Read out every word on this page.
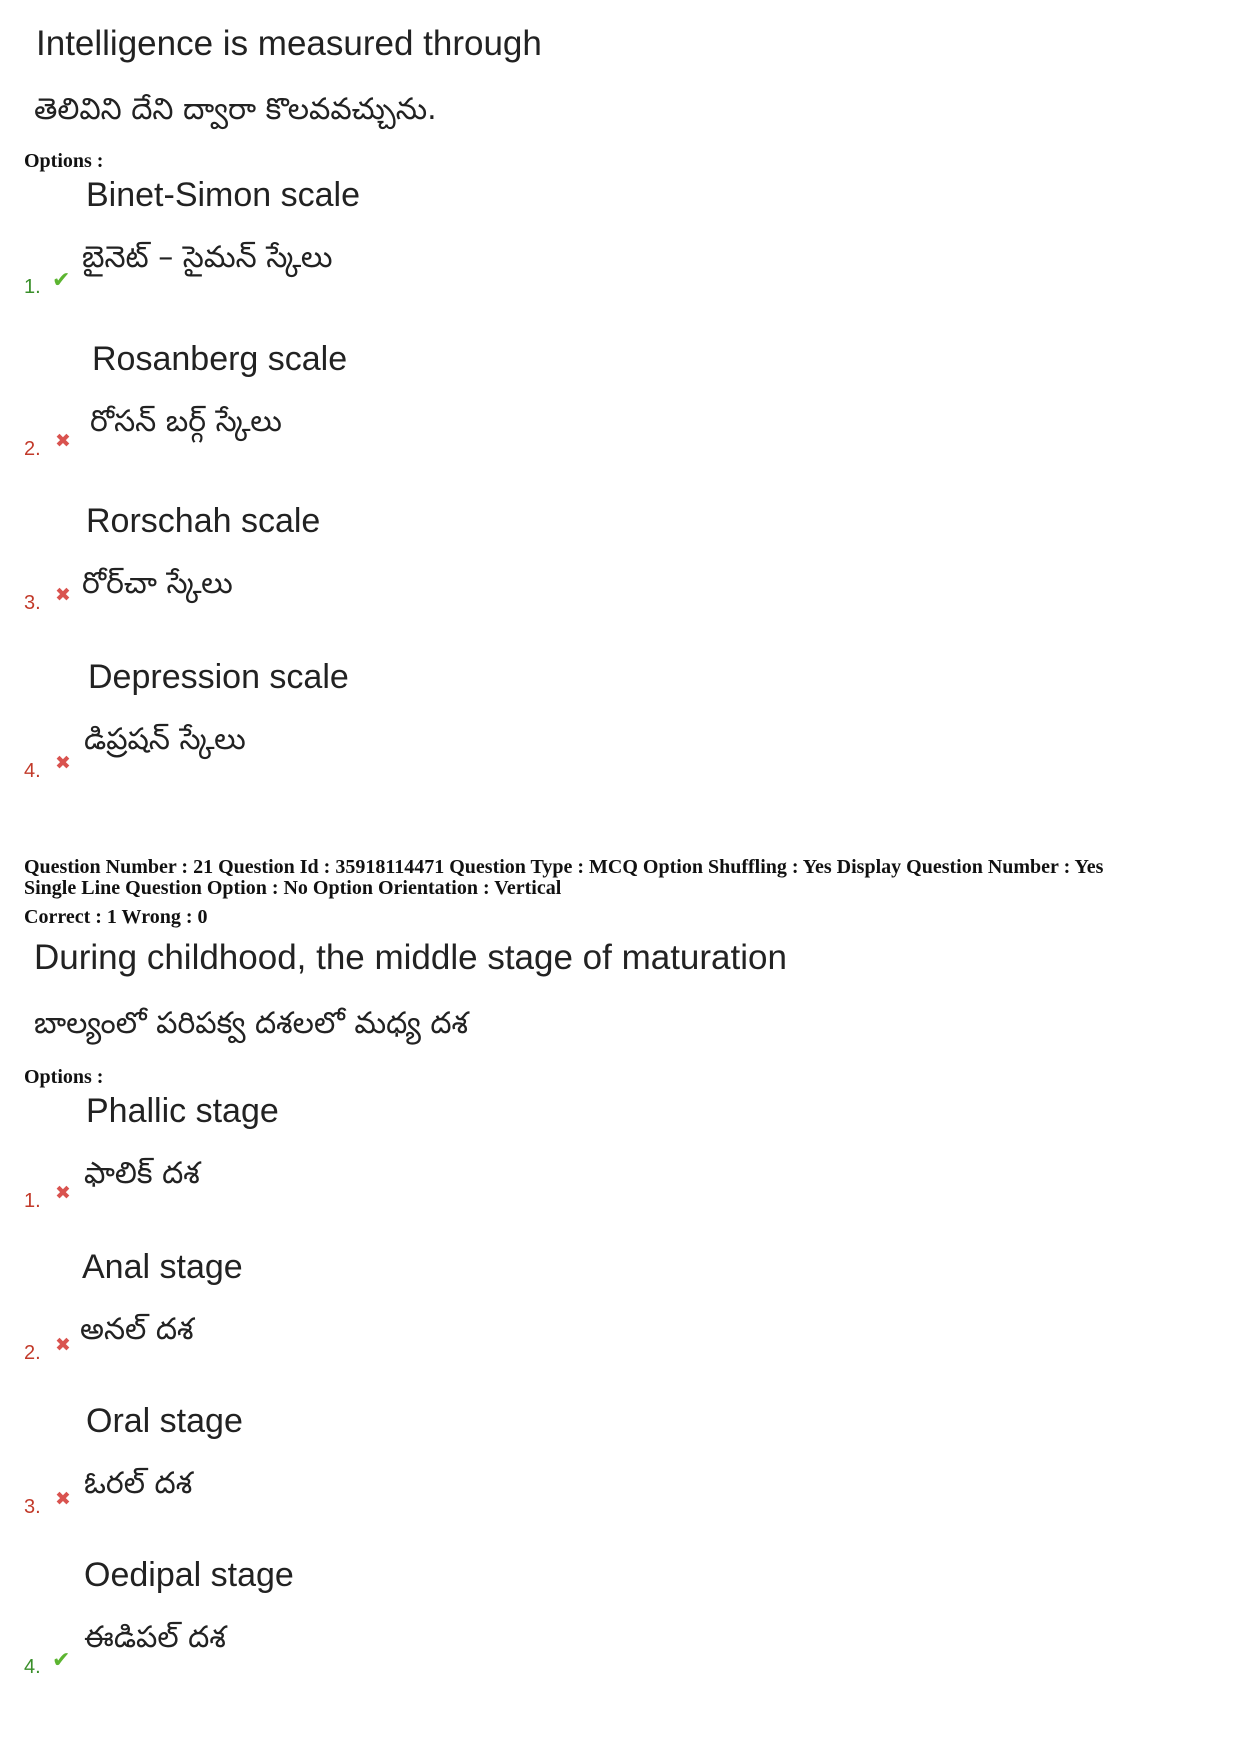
Intelligence is measured through
తెలివిని దేని ద్వారా కొలవవచ్చును.
Options :
Binet-Simon scale
బైనెట్ – సైమన్ స్కేలు
1. ✔
Rosanberg scale
రోసన్ బర్గ్ స్కేలు
2. ✖
Rorschah scale
రోర్‌చా స్కేలు
3. ✖
Depression scale
డిప్రషన్ స్కేలు
4. ✖
Question Number : 21 Question Id : 35918114471 Question Type : MCQ Option Shuffling : Yes Display Question Number : Yes
Single Line Question Option : No Option Orientation : Vertical
Correct : 1 Wrong : 0
During childhood, the middle stage of maturation
బాల్యంలో పరిపక్వ దశలలో మధ్య దశ
Options :
Phallic stage
ఫాలిక్ దశ
1. ✖
Anal stage
అనల్ దశ
2. ✖
Oral stage
ఓరల్ దశ
3. ✖
Oedipal stage
ఈడిపల్ దశ
4. ✔
